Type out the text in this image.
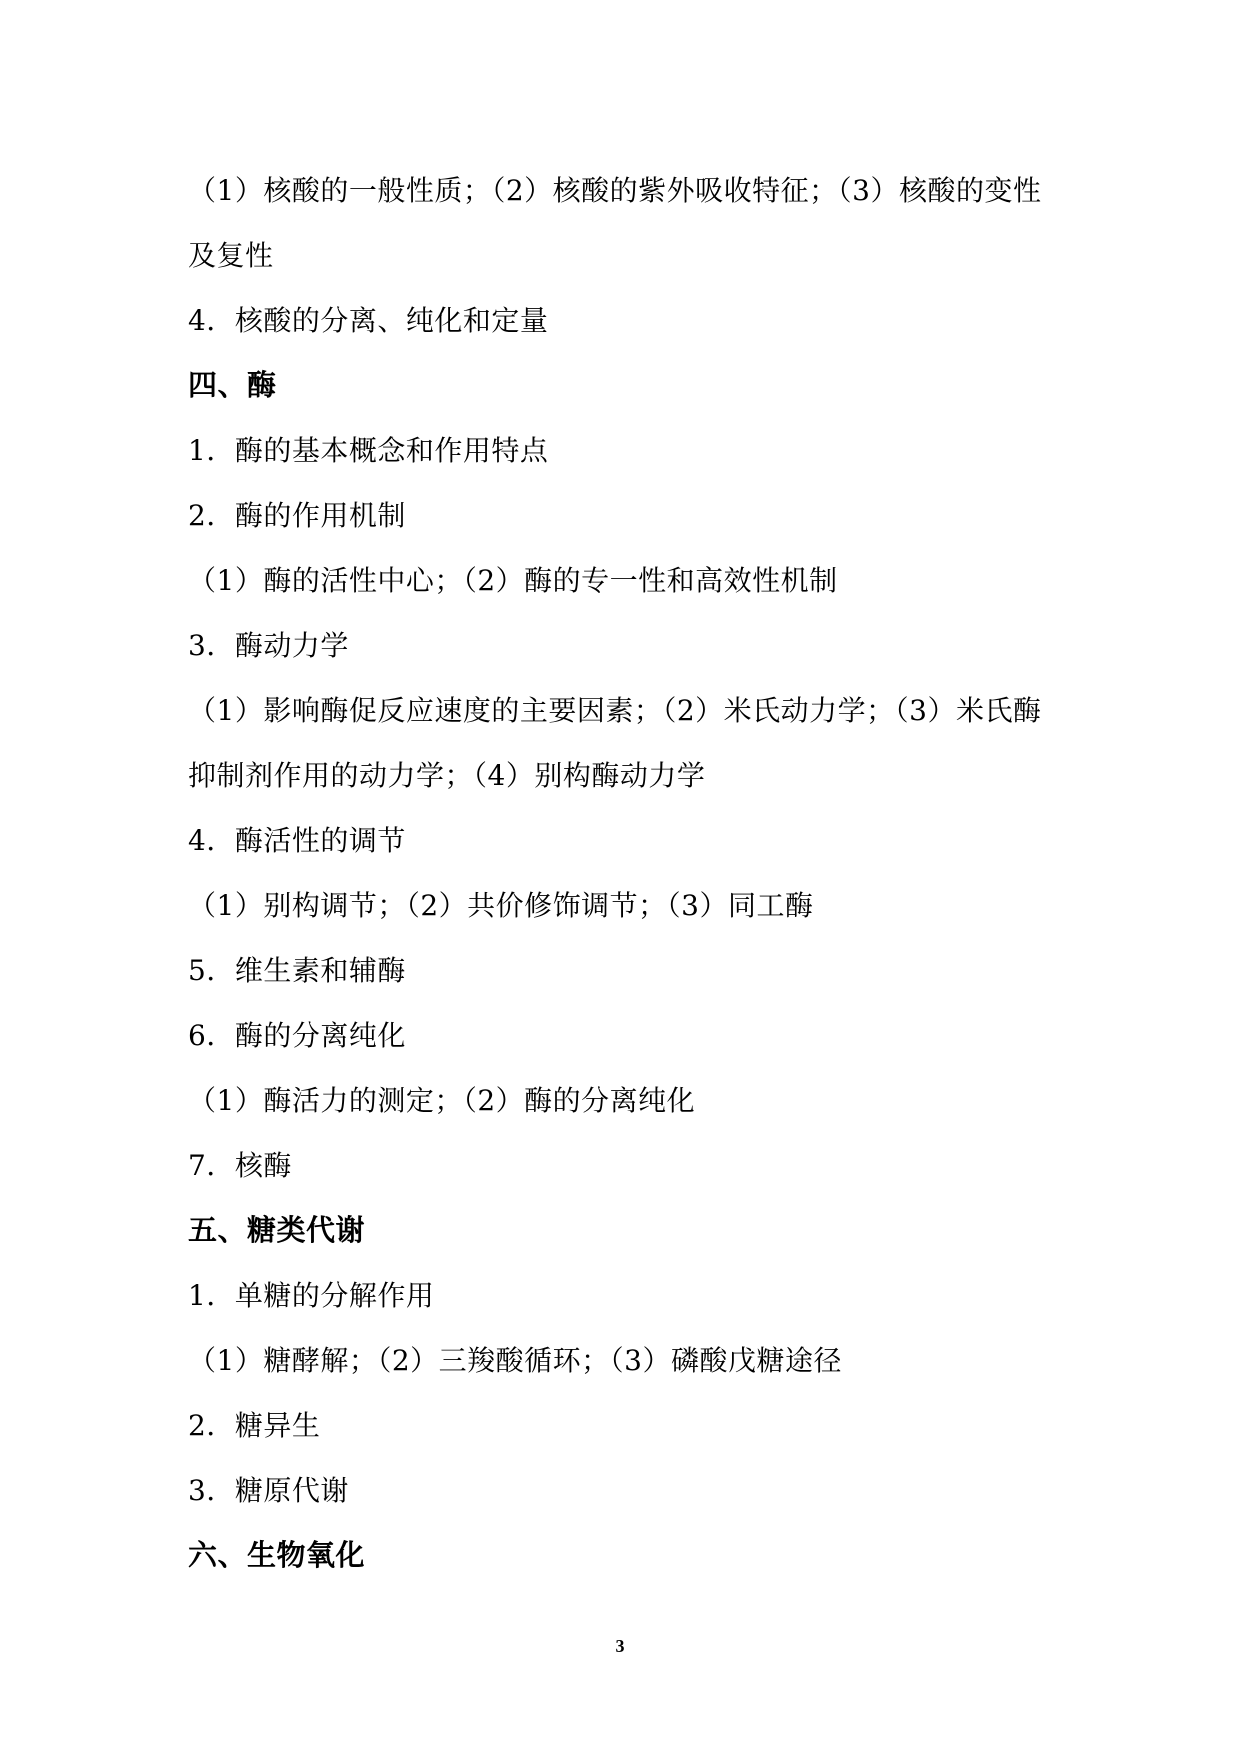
（1）核酸的一般性质；（2）核酸的紫外吸收特征；（3）核酸的变性
及复性
4．核酸的分离、纯化和定量
四、酶
1．酶的基本概念和作用特点
2．酶的作用机制
（1）酶的活性中心；（2）酶的专一性和高效性机制
3．酶动力学
（1）影响酶促反应速度的主要因素；（2）米氏动力学；（3）米氏酶
抑制剂作用的动力学；（4）别构酶动力学
4．酶活性的调节
（1）别构调节；（2）共价修饰调节；（3）同工酶
5．维生素和辅酶
6．酶的分离纯化
（1）酶活力的测定；（2）酶的分离纯化
7．核酶
五、糖类代谢
1．单糖的分解作用
（1）糖酵解；（2）三羧酸循环；（3）磷酸戊糖途径
2．糖异生
3．糖原代谢
六、生物氧化
3
